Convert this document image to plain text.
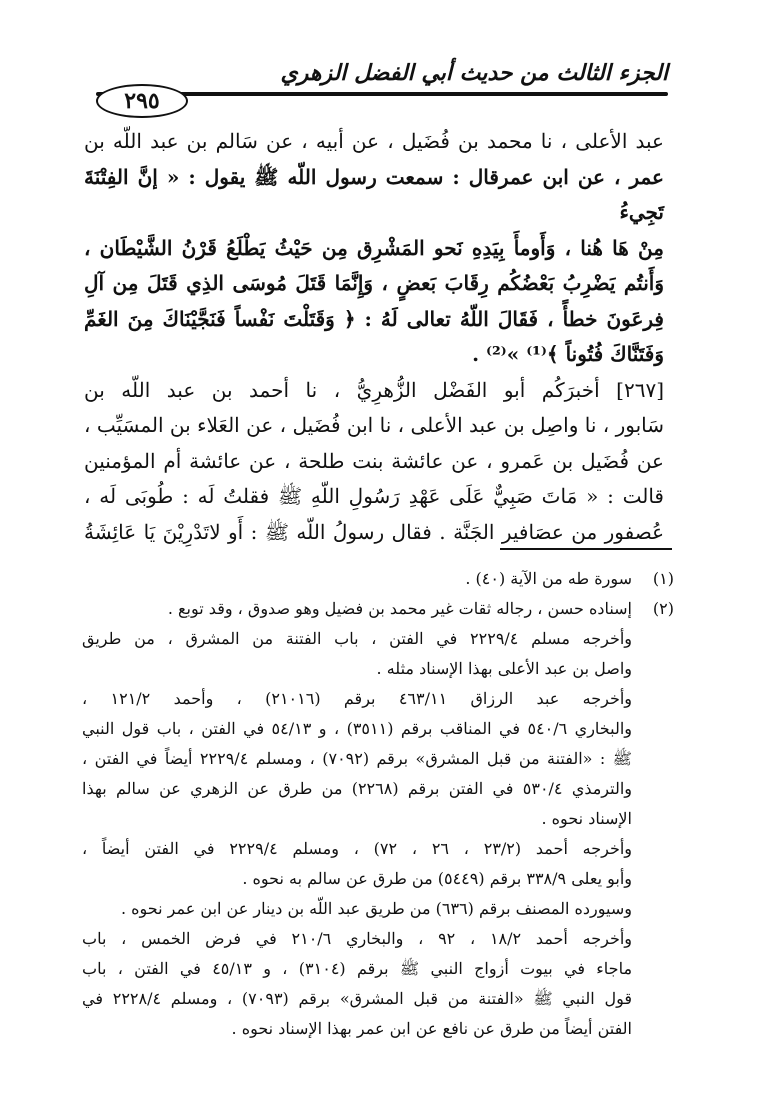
الجزء الثالث من حديث أبي الفضل الزهري
٢٩٥

عبد الأعلى ، نا محمد بن فُضَيل ، عن أبيه ، عن سَالم بن عبد اللّه بن

عمر ، عن ابن عمرقال : سمعت رسول اللّه ﷺ يقول : « إنَّ الفِتْنَةَ تَجِيءُ

مِنْ هَا هُنا ، وَأَومأَ بِيَدِهِ نَحو المَشْرِق مِن حَيْثُ يَطْلَعُ قَرْنُ الشَّيْطَان ،

وَأَنتُم يَضْرِبُ بَعْضُكُم رِقَابَ بَعضٍ ، وَإِنَّمَا قَتَلَ مُوسَى الذِي قَتَلَ مِن آلِ

فِرعَونَ خطأً ، فَقَالَ اللّهُ تعالى لَهُ : ﴿ وَقَتَلْتَ نَفْساً فَنَجَّيْنَاكَ مِنَ الغَمِّ

وَفَتَنَّاكَ فُتُوناً ﴾⁽¹⁾ »⁽²⁾ .

[٢٦٧] أخبرَكُم أبو الفَضْل الزُّهرِيُّ ، نا أحمد بن عبد اللّه بن

سَابور ، نا واصِل بن عبد الأعلى ، نا ابن فُضَيل ، عن العَلاء بن المسَيِّب ،

عن فُضَيل بن عَمرو ، عن عائشة بنت طلحة ، عن عائشة أم المؤمنين

قالت : « مَاتَ صَبِيٌّ عَلَى عَهْدِ رَسُولِ اللّهِ ﷺ فقلتُ لَه : طُوبَى لَه ،

عُصفور من عصَافير الجَنَّة . فقال رسولُ اللّه ﷺ : أَو لاتَدْرِيْنَ يَا عَائِشَةُ

(١)

سورة طه من الآية (٤٠) .

(٢)

إسناده حسن ، رجاله ثقات غير محمد بن فضيل وهو صدوق ، وقد توبع .

وأخرجه مسلم ٢٢٢٩/٤ في الفتن ، باب الفتنة من المشرق ، من طريق

واصل بن عبد الأعلى بهذا الإسناد مثله .

وأخرجه عبد الرزاق ٤٦٣/١١ برقم (٢١٠١٦) ، وأحمد ١٢١/٢ ،

والبخاري ٥٤٠/٦ في المناقب برقم (٣٥١١) ، و ٥٤/١٣ في الفتن ، باب قول النبي

ﷺ : «الفتنة من قبل المشرق» برقم (٧٠٩٢) ، ومسلم ٢٢٢٩/٤ أيضاً في الفتن ،

والترمذي ٥٣٠/٤ في الفتن برقم (٢٢٦٨) من طرق عن الزهري عن سالم بهذا

الإسناد نحوه .

وأخرجه أحمد (٢٣/٢ ، ٢٦ ، ٧٢) ، ومسلم ٢٢٢٩/٤ في الفتن أيضاً ،

وأبو يعلى ٣٣٨/٩ برقم (٥٤٤٩) من طرق عن سالم به نحوه .

وسيورده المصنف برقم (٦٣٦) من طريق عبد اللّه بن دينار عن ابن عمر نحوه .

وأخرجه أحمد ١٨/٢ ، ٩٢ ، والبخاري ٢١٠/٦ في فرض الخمس ، باب

ماجاء في بيوت أزواج النبي ﷺ برقم (٣١٠٤) ، و ٤٥/١٣ في الفتن ، باب

قول النبي ﷺ «الفتنة من قبل المشرق» برقم (٧٠٩٣) ، ومسلم ٢٢٢٨/٤ في

الفتن أيضاً من طرق عن نافع عن ابن عمر بهذا الإسناد نحوه .
